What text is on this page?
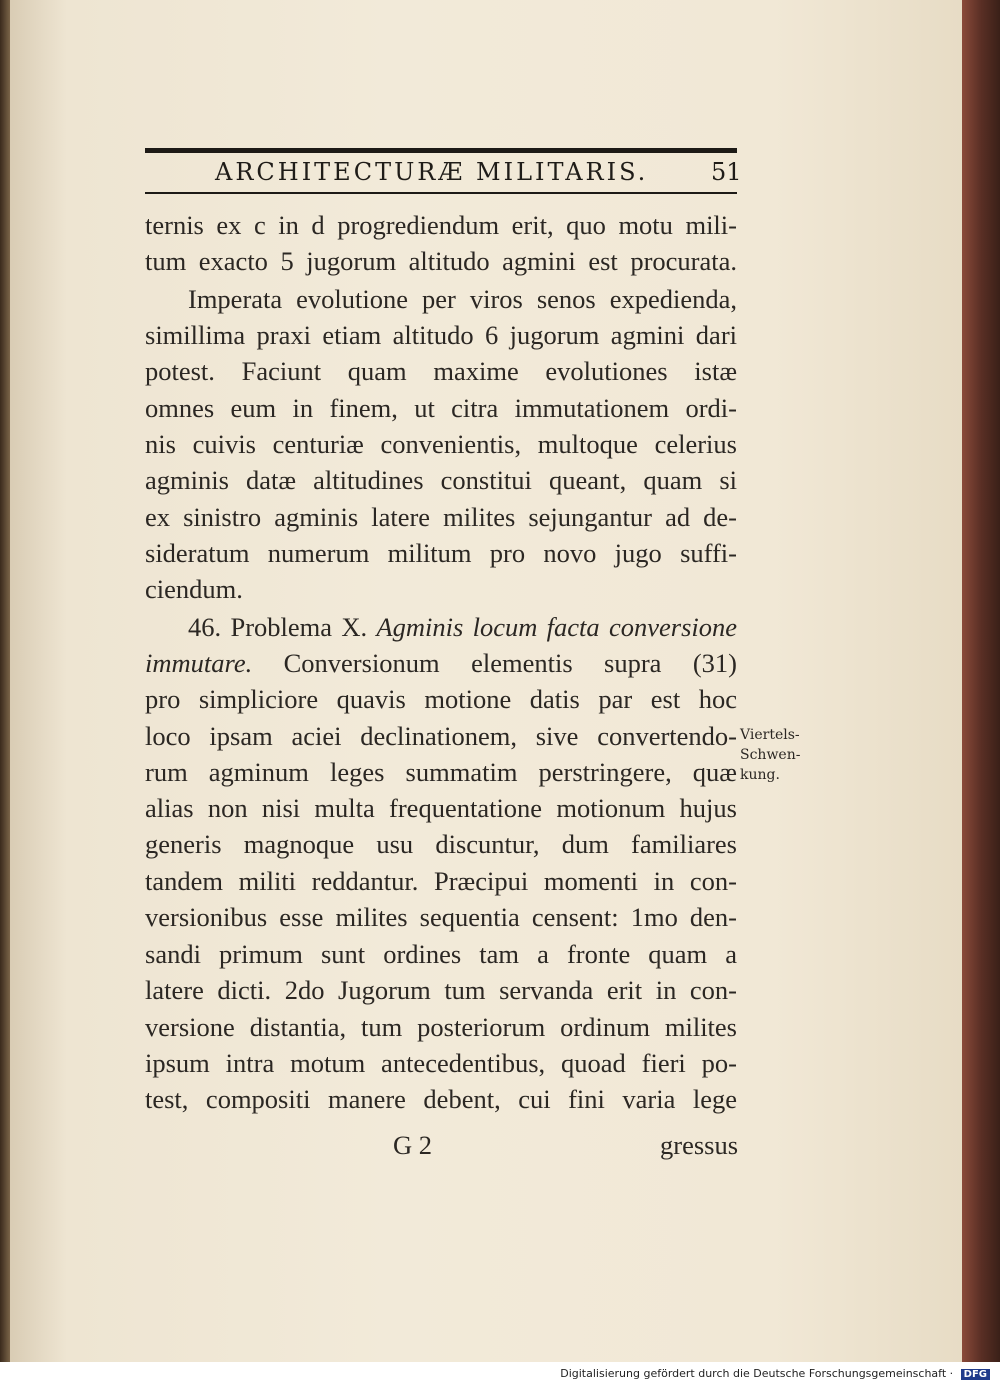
ARCHITECTURÆ MILITARIS.	51
ternis ex c in d progrediendum erit, quo motu mili-
tum exacto 5 jugorum altitudo agmini est procurata.
Imperata evolutione per viros senos expedienda,
simillima praxi etiam altitudo 6 jugorum agmini dari
potest. Faciunt quam maxime evolutiones istæ
omnes eum in finem, ut citra immutationem ordi-
nis cuivis centuriæ convenientis, multoque celerius
agminis datæ altitudines constitui queant, quam si
ex sinistro agminis latere milites sejungantur ad de-
sideratum numerum militum pro novo jugo suffi-
ciendum.
46. Problema X. Agminis locum facta conversione
immutare. Conversionum elementis supra (31)
pro simpliciore quavis motione datis par est hoc
loco ipsam aciei declinationem, sive convertendo-
rum agminum leges summatim perstringere, quæ
alias non nisi multa frequentatione motionum hujus
generis magnoque usu discuntur, dum familiares
tandem militi reddantur. Præcipui momenti in con-
versionibus esse milites sequentia censent: 1mo den-
sandi primum sunt ordines tam a fronte quam a
latere dicti. 2do Jugorum tum servanda erit in con-
versione distantia, tum posteriorum ordinum milites
ipsum intra motum antecedentibus, quoad fieri po-
test, compositi manere debent, cui fini varia lege
Viertels-
Schwen-
kung.
G 2	gressus
Digitalisierung gefördert durch die Deutsche Forschungsgemeinschaft · DFG
